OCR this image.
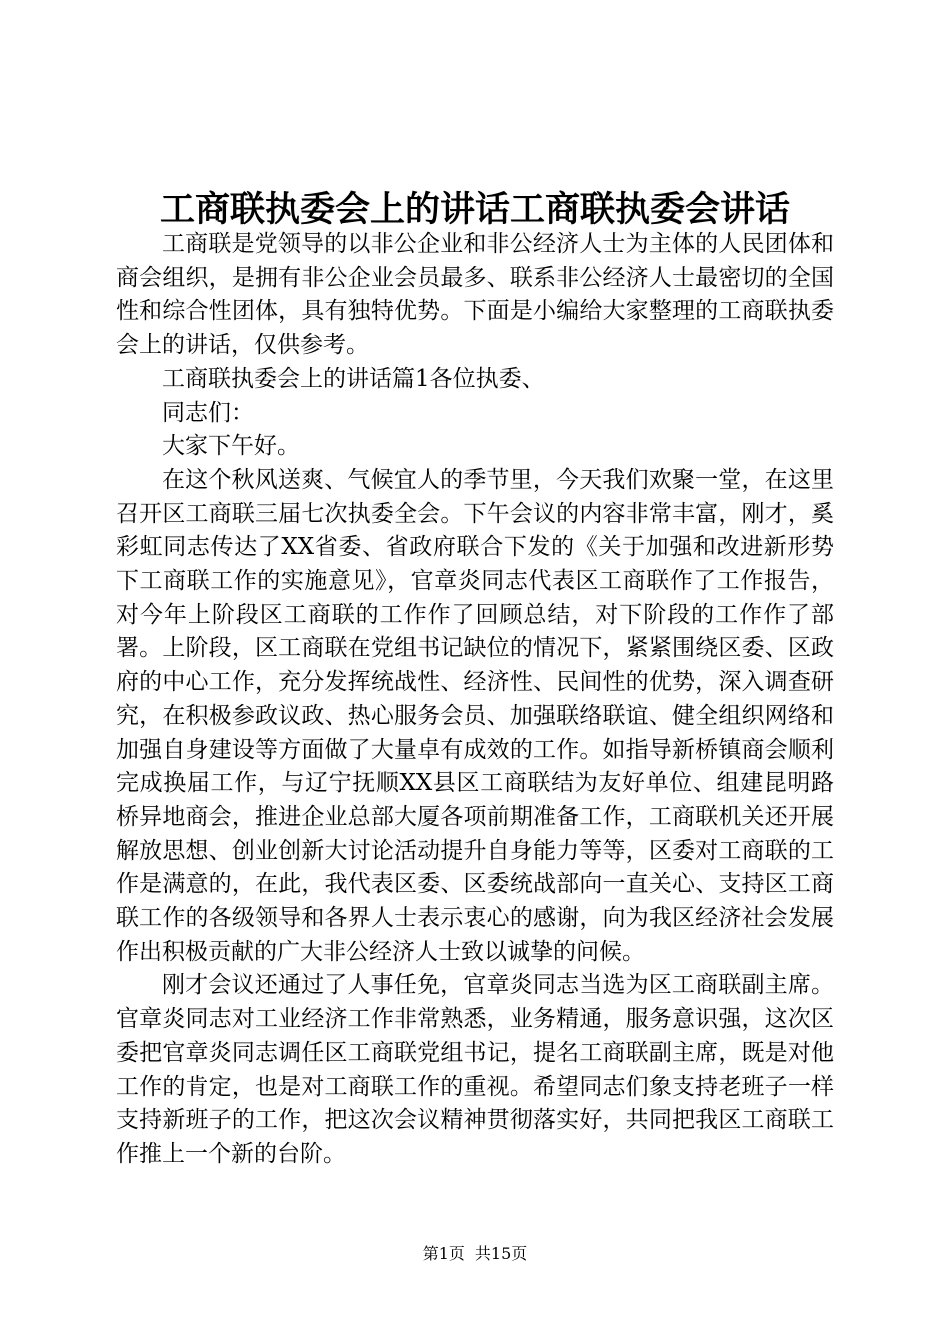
工商联执委会上的讲话工商联执委会讲话

工商联是党领导的以非公企业和非公经济人士为主体的人民团体和商会组织，是拥有非公企业会员最多、联系非公经济人士最密切的全国性和综合性团体，具有独特优势。下面是小编给大家整理的工商联执委会上的讲话，仅供参考。

工商联执委会上的讲话篇1各位执委、

同志们：

大家下午好。

在这个秋风送爽、气候宜人的季节里，今天我们欢聚一堂，在这里召开区工商联三届七次执委全会。下午会议的内容非常丰富，刚才，奚彩虹同志传达了XX省委、省政府联合下发的《关于加强和改进新形势下工商联工作的实施意见》，官章炎同志代表区工商联作了工作报告，对今年上阶段区工商联的工作作了回顾总结，对下阶段的工作作了部署。上阶段，区工商联在党组书记缺位的情况下，紧紧围绕区委、区政府的中心工作，充分发挥统战性、经济性、民间性的优势，深入调查研究，在积极参政议政、热心服务会员、加强联络联谊、健全组织网络和加强自身建设等方面做了大量卓有成效的工作。如指导新桥镇商会顺利完成换届工作，与辽宁抚顺XX县区工商联结为友好单位、组建昆明路桥异地商会，推进企业总部大厦各项前期准备工作，工商联机关还开展解放思想、创业创新大讨论活动提升自身能力等等，区委对工商联的工作是满意的，在此，我代表区委、区委统战部向一直关心、支持区工商联工作的各级领导和各界人士表示衷心的感谢，向为我区经济社会发展作出积极贡献的广大非公经济人士致以诚挚的问候。

刚才会议还通过了人事任免，官章炎同志当选为区工商联副主席。官章炎同志对工业经济工作非常熟悉，业务精通，服务意识强，这次区委把官章炎同志调任区工商联党组书记，提名工商联副主席，既是对他工作的肯定，也是对工商联工作的重视。希望同志们象支持老班子一样支持新班子的工作，把这次会议精神贯彻落实好，共同把我区工商联工作推上一个新的台阶。

第1页 共15页
